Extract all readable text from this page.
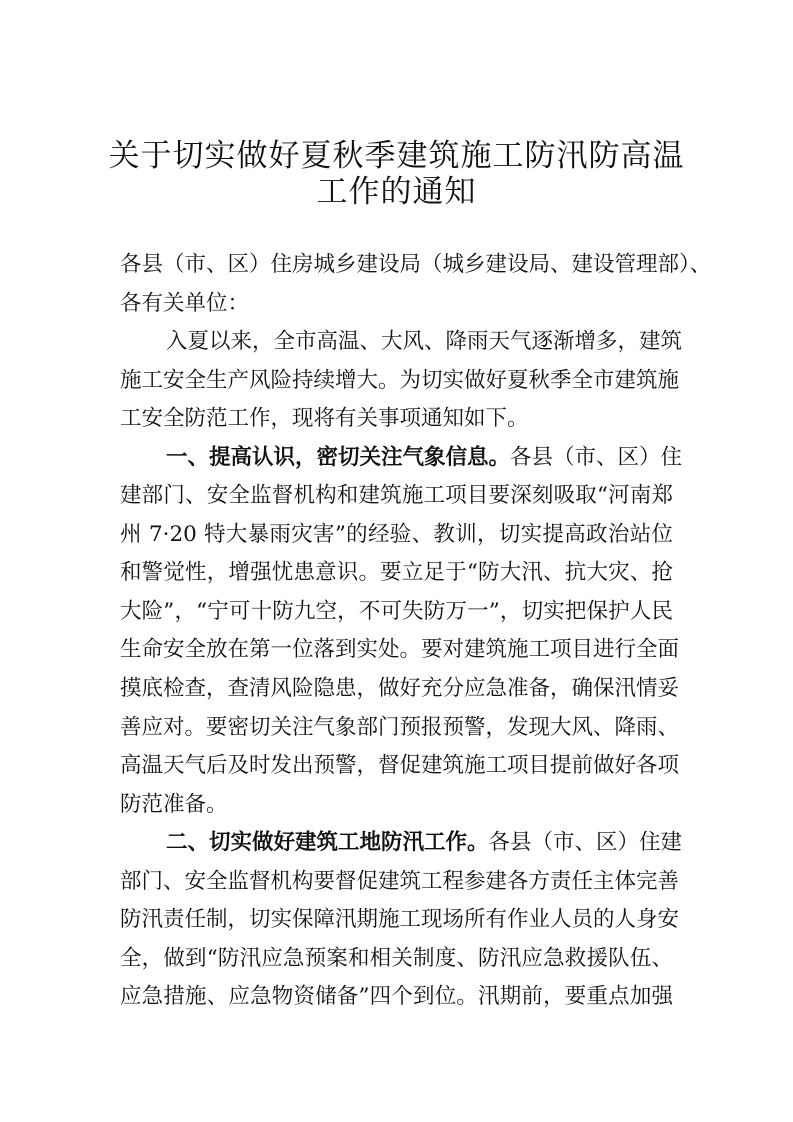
关于切实做好夏秋季建筑施工防汛防高温
工作的通知
各县（市、区）住房城乡建设局（城乡建设局、建设管理部）、
各有关单位：
入夏以来，全市高温、大风、降雨天气逐渐增多，建筑
施工安全生产风险持续增大。为切实做好夏秋季全市建筑施
工安全防范工作，现将有关事项通知如下。
一、提高认识，密切关注气象信息。各县（市、区）住
建部门、安全监督机构和建筑施工项目要深刻吸取“河南郑
州 7·20 特大暴雨灾害”的经验、教训，切实提高政治站位
和警觉性，增强忧患意识。要立足于“防大汛、抗大灾、抢
大险”，“宁可十防九空，不可失防万一”，切实把保护人民
生命安全放在第一位落到实处。要对建筑施工项目进行全面
摸底检查，查清风险隐患，做好充分应急准备，确保汛情妥
善应对。要密切关注气象部门预报预警，发现大风、降雨、
高温天气后及时发出预警，督促建筑施工项目提前做好各项
防范准备。
二、切实做好建筑工地防汛工作。各县（市、区）住建
部门、安全监督机构要督促建筑工程参建各方责任主体完善
防汛责任制，切实保障汛期施工现场所有作业人员的人身安
全，做到“防汛应急预案和相关制度、防汛应急救援队伍、
应急措施、应急物资储备”四个到位。汛期前，要重点加强
